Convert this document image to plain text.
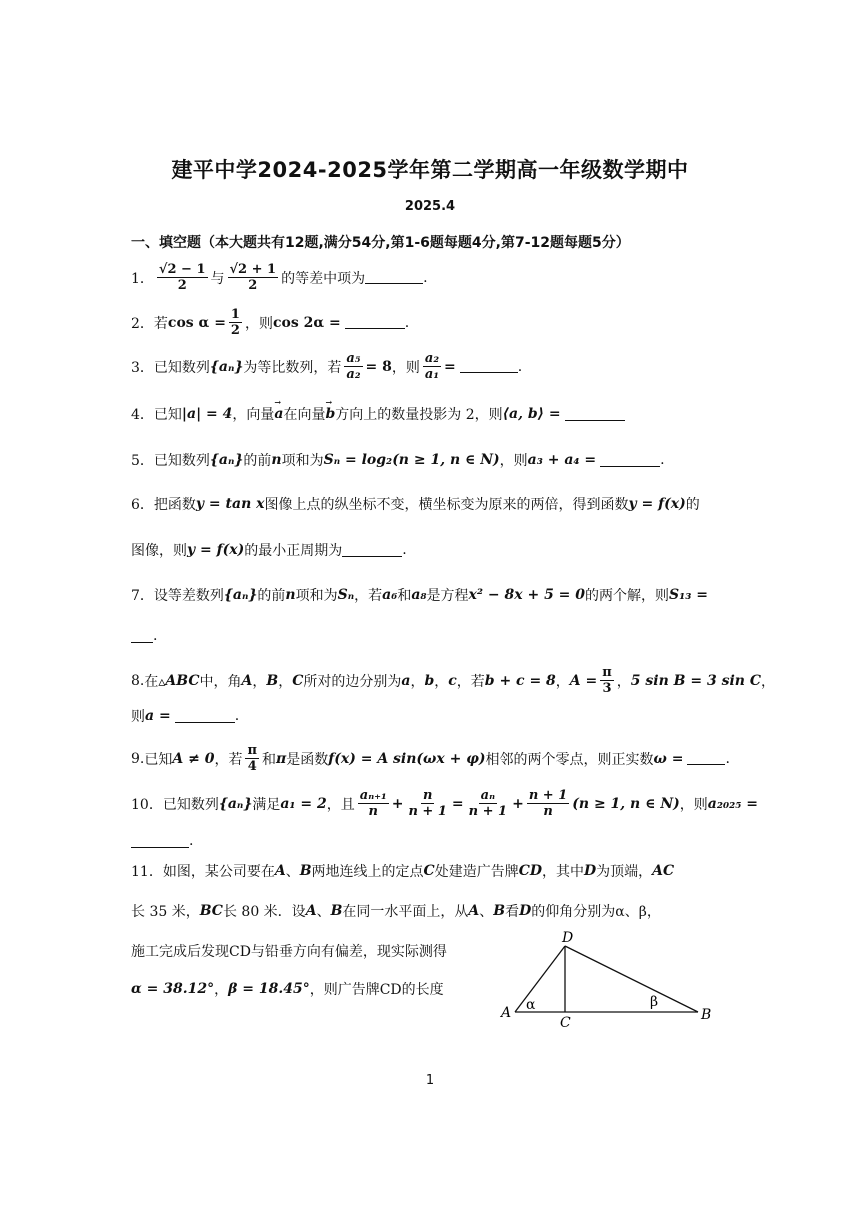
建平中学2024-2025学年第二学期高一年级数学期中
2025.4
一、填空题（本大题共有12题,满分54分,第1-6题每题4分,第7-12题每题5分）
1． $\frac{√2 - 1}{2}$ 与 $\frac{√2 + 1}{2}$ 的等差中项为	.
2． 若 $\cos \alpha = \frac{1}{2}$ ，则 cos 2α =	.
3． 已知数列 {aₙ} 为等比数列，若 $\frac{\text{a₅}}{\text{a₂}} = 8$ ，则 $\frac{\text{a₂}}{\text{a₁}}$ =	.
4． 已知 |a| = 4 ，向量 → a 在向量 → b 方向上的数量投影为 2，则 ⟨a, b⟩ =
5． 已知数列 {aₙ} 的前 n 项和为 Sₙ = log₂(n ≥ 1, n ∈ N) ，则 a₃ + a₄ =	.
6． 把函数 y = tan x 图像上点的纵坐标不变，横坐标变为原来的两倍，得到函数 y = f(x) 的
图像，则 y = f(x) 的最小正周期为	.
7． 设等差数列 {aₙ} 的前 n 项和为 Sₙ ，若 a₆ 和 a₈ 是方程 x² − 8x + 5 = 0 的两个解，则 S₁₃ =
.
8. 在▵ ABC 中，角 A ， B ， C 所对的边分别为 a ， b ， c ，若 b + c = 8 ， $A = \frac{\pi}{3}$ ， 5 sin B = 3 sin C ，
则 a =	.
9. 已知 A ≠ 0 ，若 $\frac{\pi}{4}$ 和 π 是函数 f(x) = A sin(ωx + φ) 相邻的两个零点，则正实数 ω =	.
10． 已知数列 {aₙ} 满足 a₁ = 2 ，且 $\frac{\text{aₙ₊₁}}{n} + \frac{n}{n + 1} = \frac{\text{aₙ}}{n + 1} + \frac{n + 1}{n} (n \ge 1$, n ∈ N) ，则 a₂₀₂₅ =
.
11． 如图，某公司要在 A 、 B 两地连线上的定点 C 处建造广告牌 CD ，其中 D 为顶端， AC
长 35 米， BC 长 80 米．设 A 、 B 在同一水平面上，从 A 、 B 看 D 的仰角分别为α、β，
施工完成后发现CD与铅垂方向有偏差，现实际测得
α = 38.12° ， β = 18.45° ，则广告牌CD的长度
D
A
C	B
α	β
1
